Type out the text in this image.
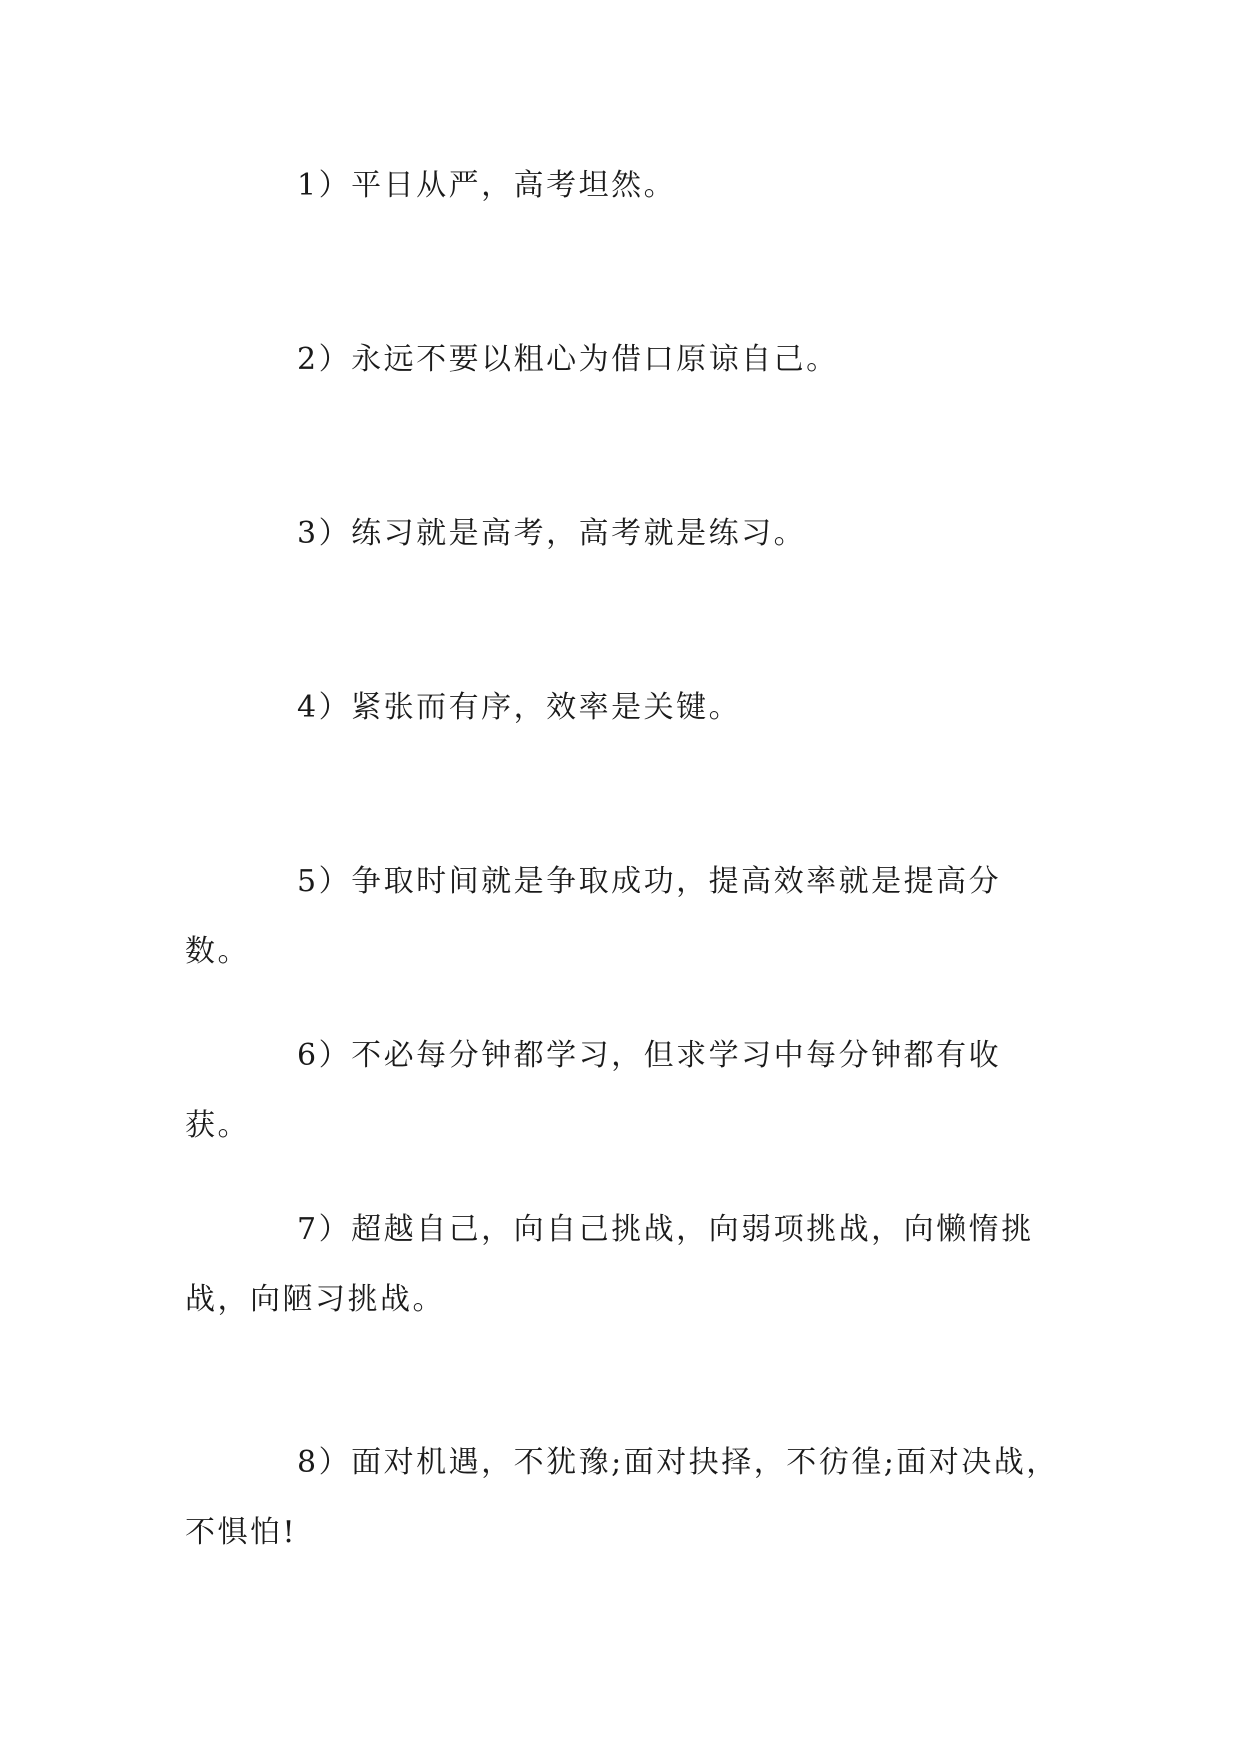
1）平日从严，高考坦然。

2）永远不要以粗心为借口原谅自己。

3）练习就是高考，高考就是练习。

4）紧张而有序，效率是关键。

5）争取时间就是争取成功，提高效率就是提高分数。

6）不必每分钟都学习，但求学习中每分钟都有收获。

7）超越自己，向自己挑战，向弱项挑战，向懒惰挑战，向陋习挑战。

8）面对机遇，不犹豫;面对抉择，不彷徨;面对决战，不惧怕!
